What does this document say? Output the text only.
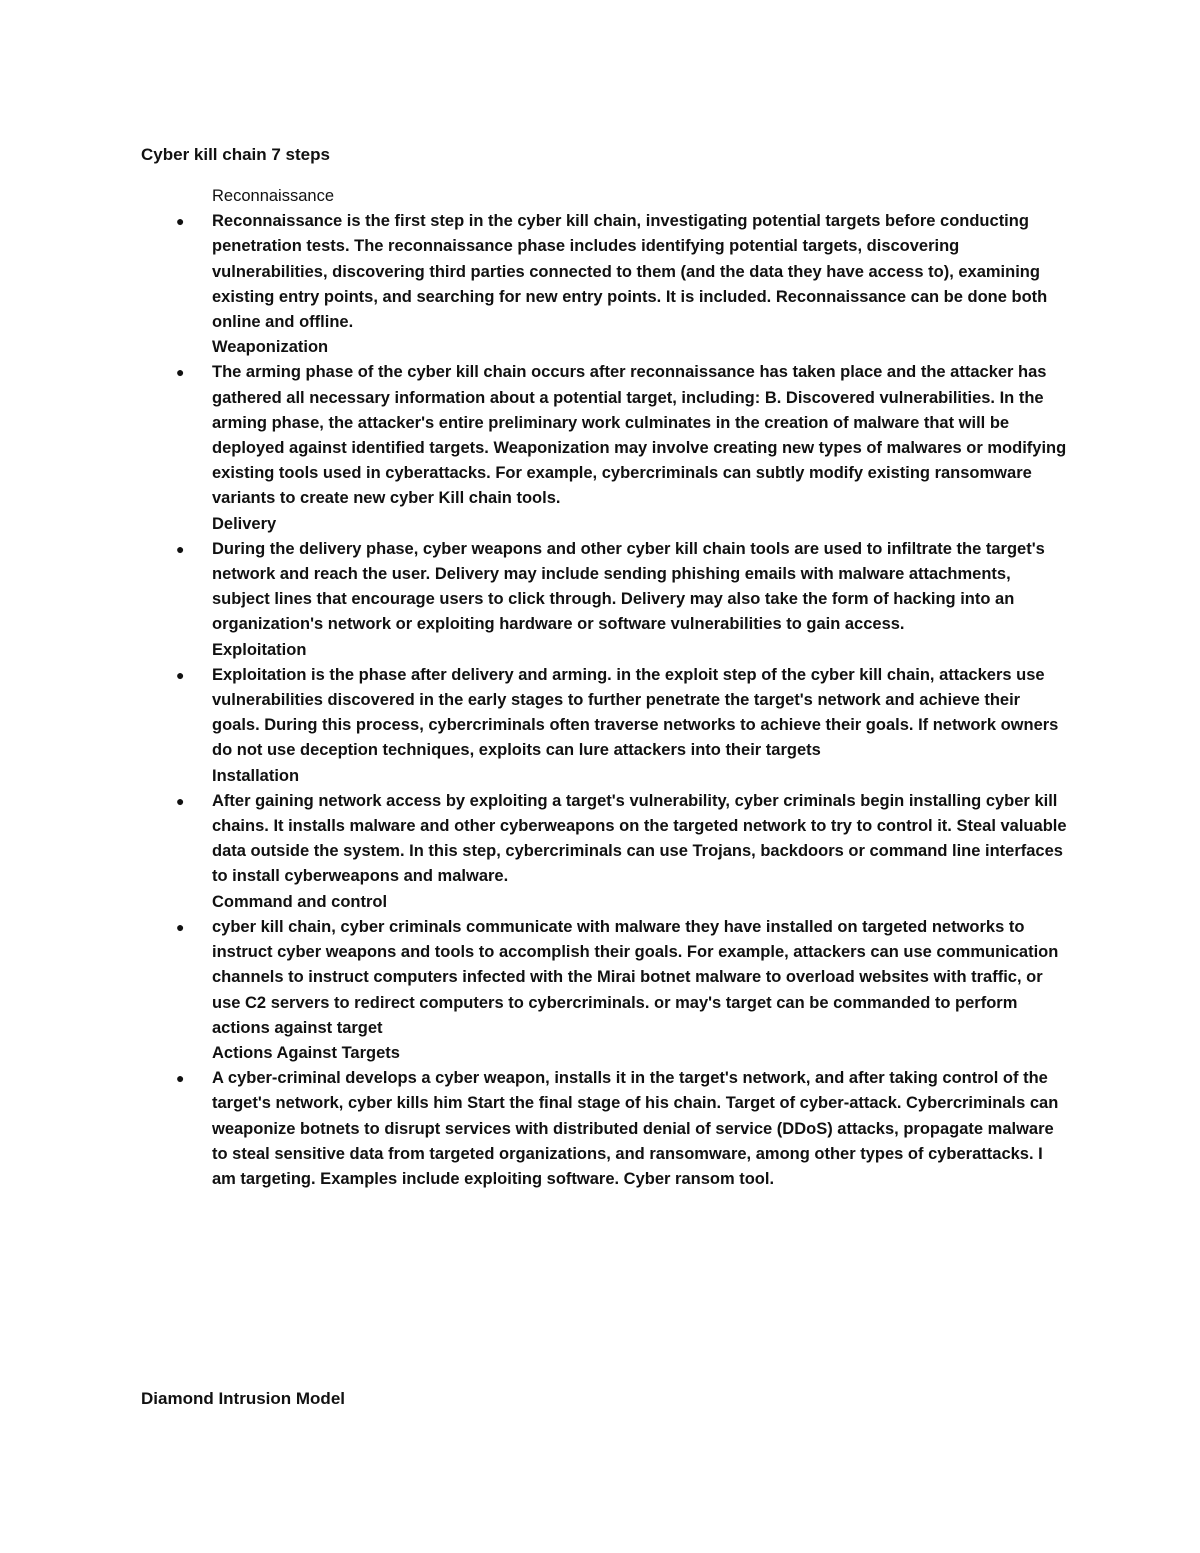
Cyber kill chain 7 steps
Reconnaissance
● Reconnaissance is the first step in the cyber kill chain, investigating potential targets before conducting penetration tests. The reconnaissance phase includes identifying potential targets, discovering vulnerabilities, discovering third parties connected to them (and the data they have access to), examining existing entry points, and searching for new entry points. It is included. Reconnaissance can be done both online and offline.
Weaponization
● The arming phase of the cyber kill chain occurs after reconnaissance has taken place and the attacker has gathered all necessary information about a potential target, including: B. Discovered vulnerabilities. In the arming phase, the attacker's entire preliminary work culminates in the creation of malware that will be deployed against identified targets. Weaponization may involve creating new types of malwares or modifying existing tools used in cyberattacks. For example, cybercriminals can subtly modify existing ransomware variants to create new cyber Kill chain tools.
Delivery
● During the delivery phase, cyber weapons and other cyber kill chain tools are used to infiltrate the target's network and reach the user. Delivery may include sending phishing emails with malware attachments, subject lines that encourage users to click through. Delivery may also take the form of hacking into an organization's network or exploiting hardware or software vulnerabilities to gain access.
Exploitation
● Exploitation is the phase after delivery and arming. in the exploit step of the cyber kill chain, attackers use vulnerabilities discovered in the early stages to further penetrate the target's network and achieve their goals. During this process, cybercriminals often traverse networks to achieve their goals. If network owners do not use deception techniques, exploits can lure attackers into their targets
Installation
● After gaining network access by exploiting a target's vulnerability, cyber criminals begin installing cyber kill chains. It installs malware and other cyberweapons on the targeted network to try to control it. Steal valuable data outside the system. In this step, cybercriminals can use Trojans, backdoors or command line interfaces to install cyberweapons and malware.
Command and control
● cyber kill chain, cyber criminals communicate with malware they have installed on targeted networks to instruct cyber weapons and tools to accomplish their goals. For example, attackers can use communication channels to instruct computers infected with the Mirai botnet malware to overload websites with traffic, or use C2 servers to redirect computers to cybercriminals. or may's target can be commanded to perform actions against target
Actions Against Targets
● A cyber-criminal develops a cyber weapon, installs it in the target's network, and after taking control of the target's network, cyber kills him Start the final stage of his chain. Target of cyber-attack. Cybercriminals can weaponize botnets to disrupt services with distributed denial of service (DDoS) attacks, propagate malware to steal sensitive data from targeted organizations, and ransomware, among other types of cyberattacks. I am targeting. Examples include exploiting software. Cyber ransom tool.
Diamond Intrusion Model
